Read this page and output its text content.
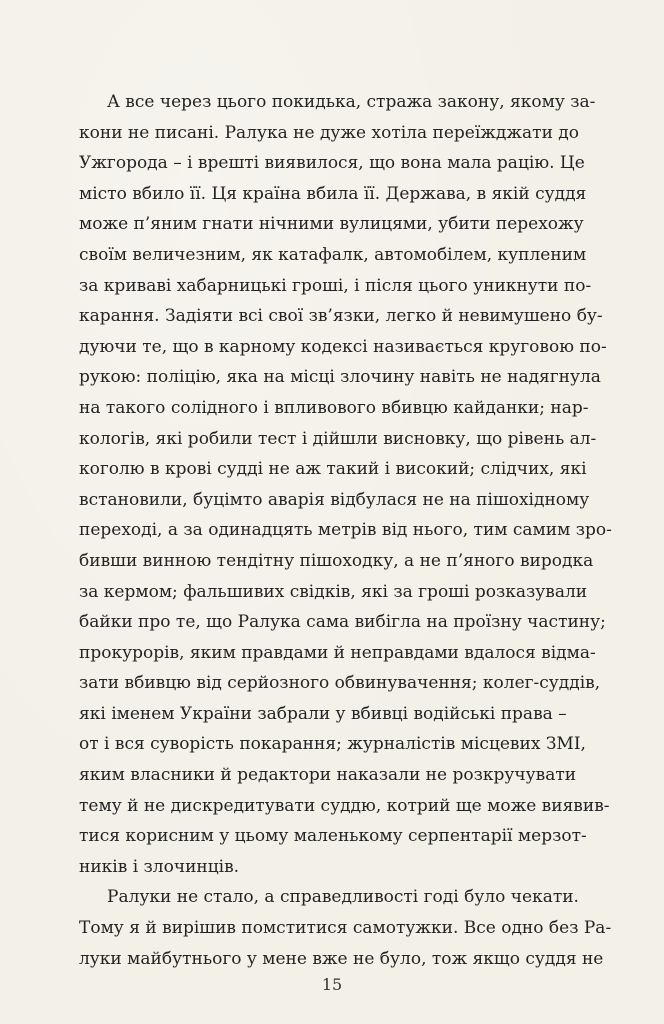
А все через цього покидька, стража закону, якому за-
кони не писані. Ралука не дуже хотіла переїжджати до
Ужгорода – і врешті виявилося, що вона мала рацію. Це
місто вбило її. Ця країна вбила її. Держава, в якій суддя
може п’яним гнати нічними вулицями, убити перехожу
своїм величезним, як катафалк, автомобілем, купленим
за криваві хабарницькі гроші, і після цього уникнути по-
карання. Задіяти всі свої зв’язки, легко й невимушено бу-
дуючи те, що в карному кодексі називається круговою по-
рукою: поліцію, яка на місці злочину навіть не надягнула
на такого солідного і впливового вбивцю кайданки; нар-
кологів, які робили тест і дійшли висновку, що рівень ал-
коголю в крові судді не аж такий і високий; слідчих, які
встановили, буцімто аварія відбулася не на пішохідному
переході, а за одинадцять метрів від нього, тим самим зро-
бивши винною тендітну пішоходку, а не п’яного виродка
за кермом; фальшивих свідків, які за гроші розказували
байки про те, що Ралука сама вибігла на проїзну частину;
прокурорів, яким правдами й неправдами вдалося відма-
зати вбивцю від серйозного обвинувачення; колег-суддів,
які іменем України забрали у вбивці водійські права –
от і вся суворість покарання; журналістів місцевих ЗМІ,
яким власники й редактори наказали не розкручувати
тему й не дискредитувати суддю, котрий ще може виявив-
тися корисним у цьому маленькому серпентарії мерзот-
ників і злочинців.

Ралуки не стало, а справедливості годі було чекати.
Тому я й вирішив помститися самотужки. Все одно без Ра-
луки майбутнього у мене вже не було, тож якщо суддя не

15
